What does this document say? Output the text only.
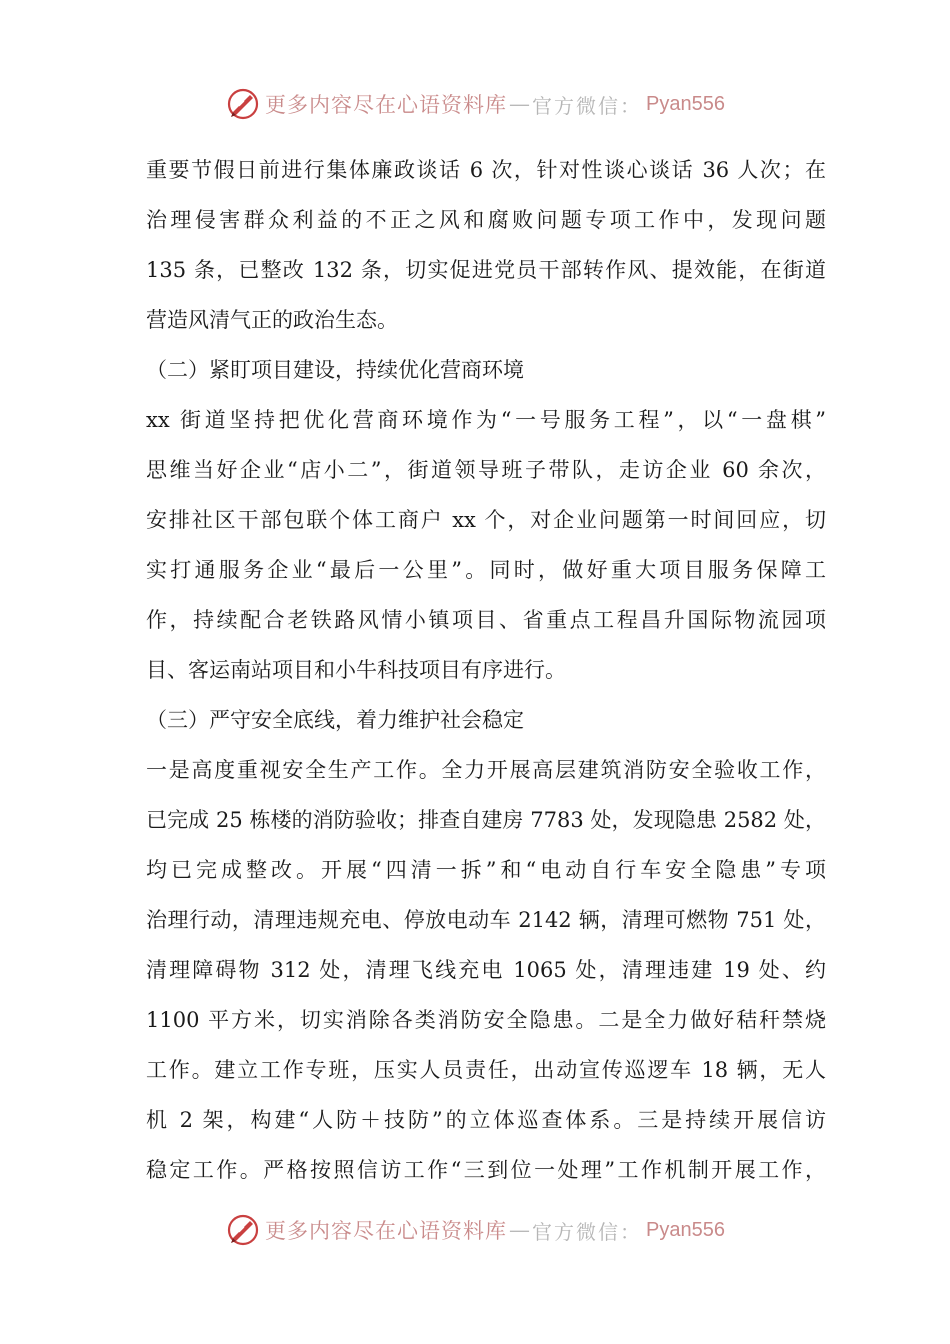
更多内容尽在心语资料库 — 官方微信： Pyan556
重要节假日前进行集体廉政谈话 6 次，针对性谈心谈话 36 人次；在
治理侵害群众利益的不正之风和腐败问题专项工作中，发现问题
135 条，已整改 132 条，切实促进党员干部转作风、提效能，在街道
营造风清气正的政治生态。
（二）紧盯项目建设，持续优化营商环境
xx 街道坚持把优化营商环境作为“一号服务工程”，以“一盘棋”
思维当好企业“店小二”，街道领导班子带队，走访企业 60 余次，
安排社区干部包联个体工商户 xx 个，对企业问题第一时间回应，切
实打通服务企业“最后一公里”。同时，做好重大项目服务保障工
作，持续配合老铁路风情小镇项目、省重点工程昌升国际物流园项
目、客运南站项目和小牛科技项目有序进行。
（三）严守安全底线，着力维护社会稳定
一是高度重视安全生产工作。全力开展高层建筑消防安全验收工作，
已完成 25 栋楼的消防验收；排查自建房 7783 处，发现隐患 2582 处，
均已完成整改。开展“四清一拆”和“电动自行车安全隐患”专项
治理行动，清理违规充电、停放电动车 2142 辆，清理可燃物 751 处，
清理障碍物 312 处，清理飞线充电 1065 处，清理违建 19 处、约
1100 平方米，切实消除各类消防安全隐患。二是全力做好秸秆禁烧
工作。建立工作专班，压实人员责任，出动宣传巡逻车 18 辆，无人
机 2 架，构建“人防＋技防”的立体巡查体系。三是持续开展信访
稳定工作。严格按照信访工作“三到位一处理”工作机制开展工作，
更多内容尽在心语资料库 — 官方微信： Pyan556
